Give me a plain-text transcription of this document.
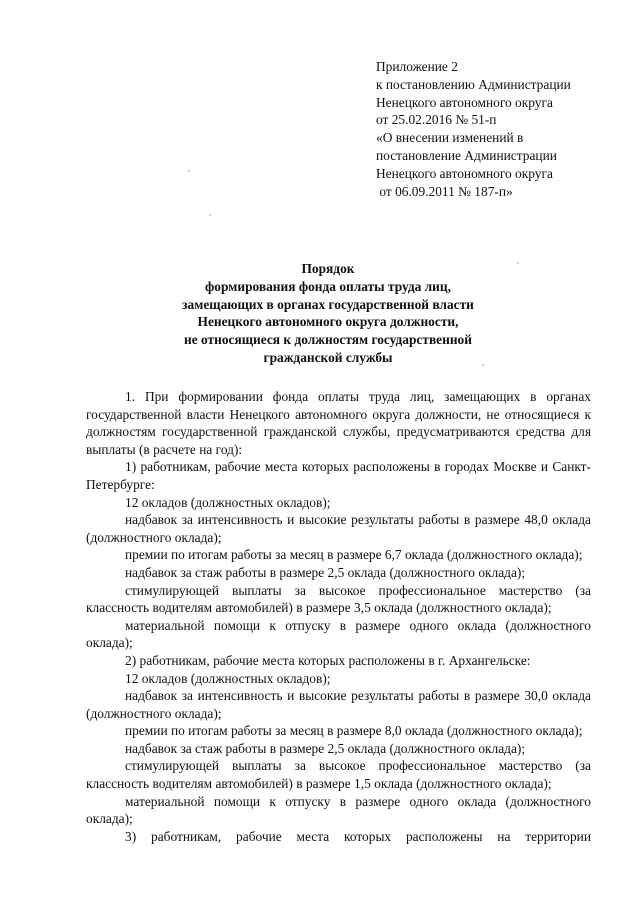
Приложение 2
к постановлению Администрации
Ненецкого автономного округа
от 25.02.2016 № 51-п
«О внесении изменений в
постановление Администрации
Ненецкого автономного округа
от 06.09.2011 № 187-п»
Порядок
формирования фонда оплаты труда лиц,
замещающих в органах государственной власти
Ненецкого автономного округа должности,
не относящиеся к должностям государственной
гражданской службы

1. При формировании фонда оплаты труда лиц, замещающих в органах государственной власти Ненецкого автономного округа должности, не относящиеся к должностям государственной гражданской службы, предусматриваются средства для выплаты (в расчете на год):

1) работникам, рабочие места которых расположены в городах Москве и Санкт-Петербурге:

12 окладов (должностных окладов);

надбавок за интенсивность и высокие результаты работы в размере 48,0 оклада (должностного оклада);

премии по итогам работы за месяц в размере 6,7 оклада (должностного оклада);

надбавок за стаж работы в размере 2,5 оклада (должностного оклада);

стимулирующей выплаты за высокое профессиональное мастерство (за классность водителям автомобилей) в размере 3,5 оклада (должностного оклада);

материальной помощи к отпуску в размере одного оклада (должностного оклада);

2) работникам, рабочие места которых расположены в г. Архангельске:

12 окладов (должностных окладов);

надбавок за интенсивность и высокие результаты работы в размере 30,0 оклада (должностного оклада);

премии по итогам работы за месяц в размере 8,0 оклада (должностного оклада);

надбавок за стаж работы в размере 2,5 оклада (должностного оклада);

стимулирующей выплаты за высокое профессиональное мастерство (за классность водителям автомобилей) в размере 1,5 оклада (должностного оклада);

материальной помощи к отпуску в размере одного оклада (должностного оклада);

3) работникам, рабочие места которых расположены на территории
